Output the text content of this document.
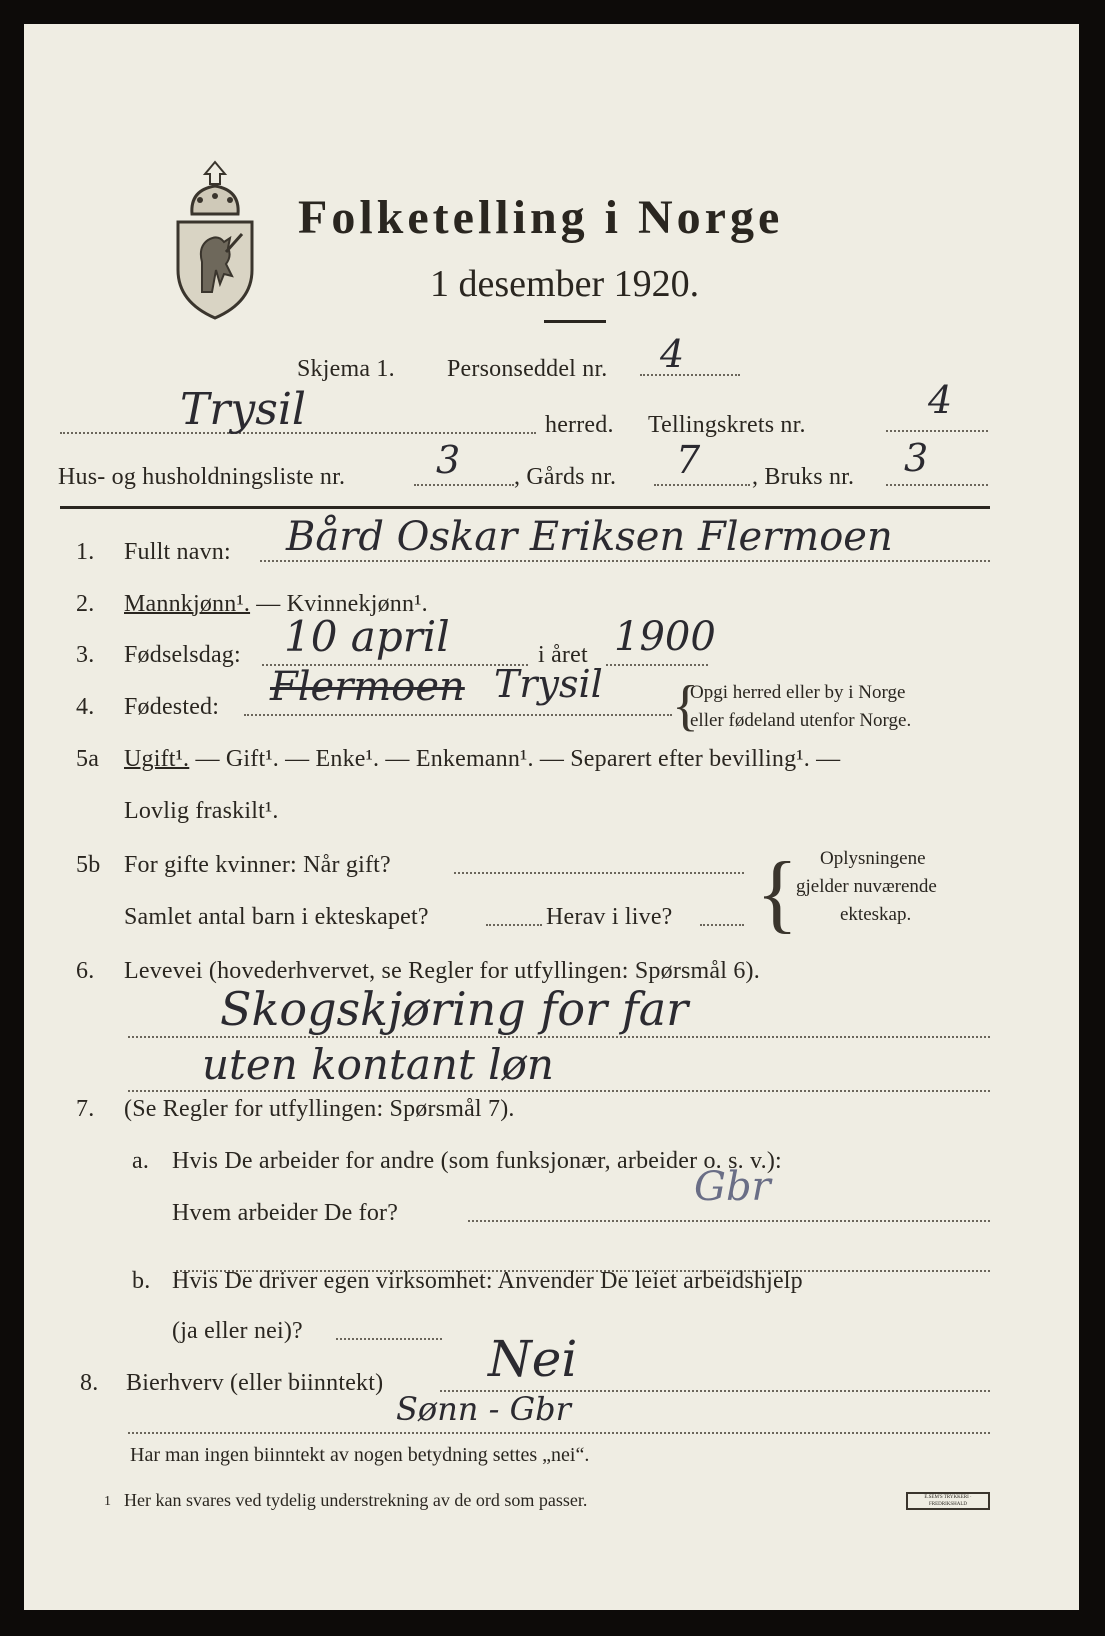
Folketelling i Norge
1 desember 1920.
Skjema 1. Personseddel nr. 4
Trysil	herred. Tellingskrets nr.
4
Hus- og husholdningsliste nr. 3 , Gårds nr. 7 , Bruks nr. 3
1. Fullt navn: Bård Oskar Eriksen Flermoen
2. Mannkjønn¹. — Kvinnekjønn¹.
3. Fødselsdag: 10 april	i året 1900
4. Fødested: Flermoen Trysil {
Opgi herred eller by i Norge
eller fødeland utenfor Norge.
5a Ugift¹. — Gift¹. — Enke¹. — Enkemann¹. — Separert efter bevilling¹. —
Lovlig fraskilt¹.
5b For gifte kvinner: Når gift?
Samlet antal barn i ekteskapet?	Herav i live? { Oplysningene
gjelder nuværende
ekteskap.
6. Levevei (hovederhvervet, se Regler for utfyllingen: Spørsmål 6).
Skogskjøring for far
uten kontant løn
7. (Se Regler for utfyllingen: Spørsmål 7).
a. Hvis De arbeider for andre (som funksjonær, arbeider o. s. v.):
Hvem arbeider De for?
Gbr
b. Hvis De driver egen virksomhet: Anvender De leiet arbeidshjelp
(ja eller nei)?
8. Bierhverv (eller biinntekt) Nei
Sønn - Gbr
Har man ingen biinntekt av nogen betydning settes „nei“.
1 Her kan svares ved tydelig understrekning av de ord som passer.	E.SEM'S TRYKKERI · FREDRIKSHALD
